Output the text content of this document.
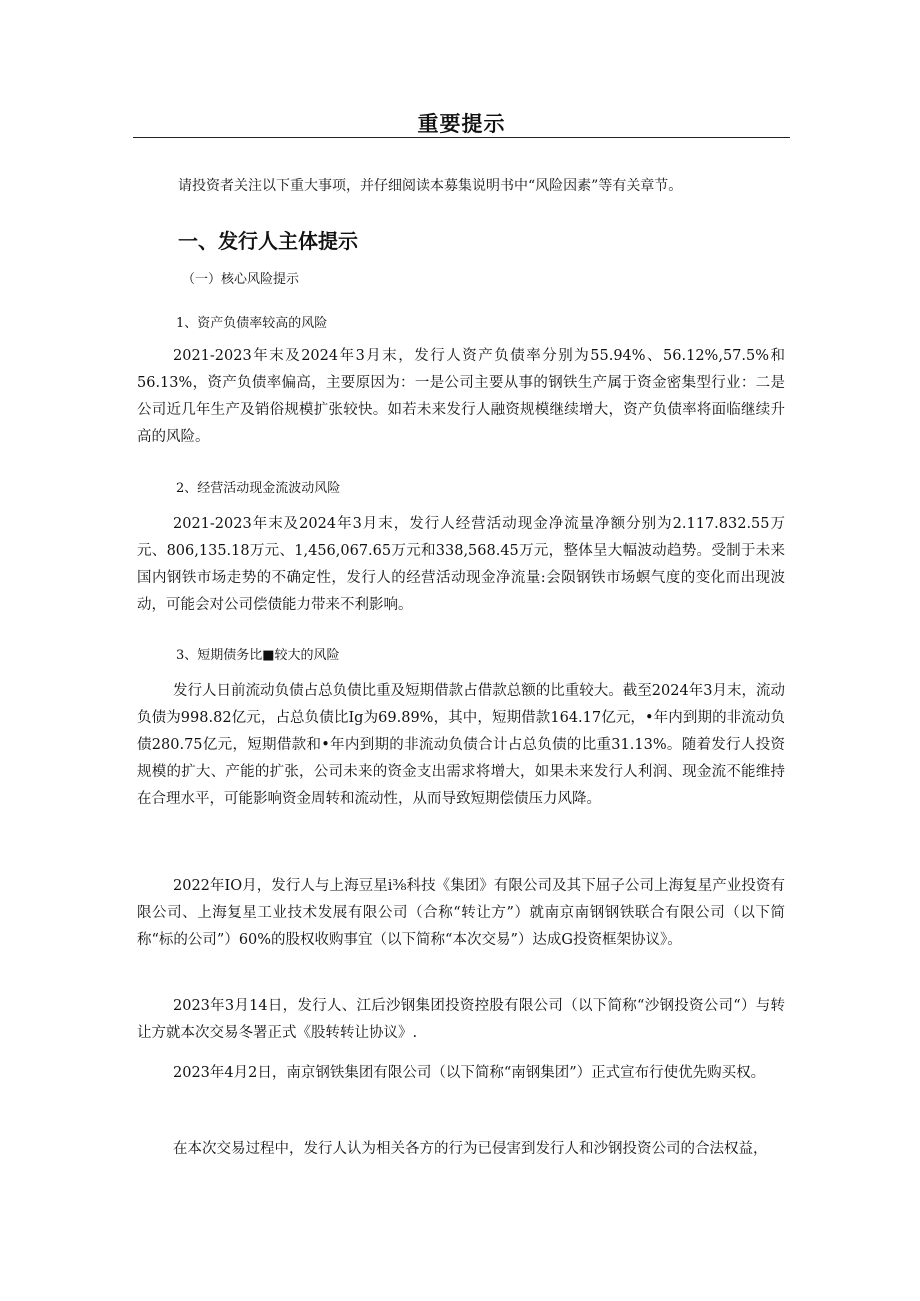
重要提示
请投资者关注以下重大事项，并仔细阅读本募集说明书中“风险因素”等有关章节。
一、发行人主体提示
（一）核心风险提示
1、资产负债率较高的风险

2021-2023年末及2024年3月末，发行人资产负债率分别为55.94%、56.12%,57.5%和56.13%，资产负债率偏高，主要原因为：一是公司主要从事的钢铁生产属于资金密集型行业：二是公司近几年生产及销俗规模扩张较快。如若未来发行人融资规模继续增大，资产负债率将面临继续升高的风险。

2、经营活动现金流波动风险

2021-2023年末及2024年3月末，发行人经营活动现金净流量净额分别为2.117.832.55万元、806,135.18万元、1,456,067.65万元和338,568.45万元，整体呈大幅波动趋势。受制于未来国内钢铁市场走势的不确定性，发行人的经营活动现金净流量:会陨钢铁市场螟气度的变化而出现波动，可能会对公司偿债能力带来不利影响。

3、短期债务比■较大的风险

发行人日前流动负债占总负债比重及短期借款占借款总额的比重较大。截至2024年3月末，流动负债为998.82亿元，占总负债比Ig为69.89%，其中，短期借款164.17亿元，•年内到期的非流动负债280.75亿元，短期借款和•年内到期的非流动负债合计占总负债的比重31.13%。随着发行人投资规模的扩大、产能的扩张，公司未来的资金支出需求将增大，如果未来发行人利润、现金流不能维持在合理水平，可能影响资金周转和流动性，从而导致短期偿债压力风降。

2022年IO月，发行人与上海豆星i⅜科技《集团》有限公司及其下屈子公司上海复星产业投资有限公司、上海复星工业技术发展有限公司（合称“转让方”）就南京南钢钢铁联合有限公司（以下简称“标的公司”）60%的股权收购事宜（以下简称“本次交易”）达成G投资框架协议》。

2023年3月14日，发行人、江后沙钢集团投资控股有限公司（以下简称“沙钢投资公司“）与转让方就本次交易冬署正式《股转转让协议》.

2023年4月2日，南京钢铁集团有限公司（以下简称“南钢集团”）正式宣布行使优先购买权。

在本次交易过程中，发行人认为相关各方的行为已侵害到发行人和沙钢投资公司的合法权益，
